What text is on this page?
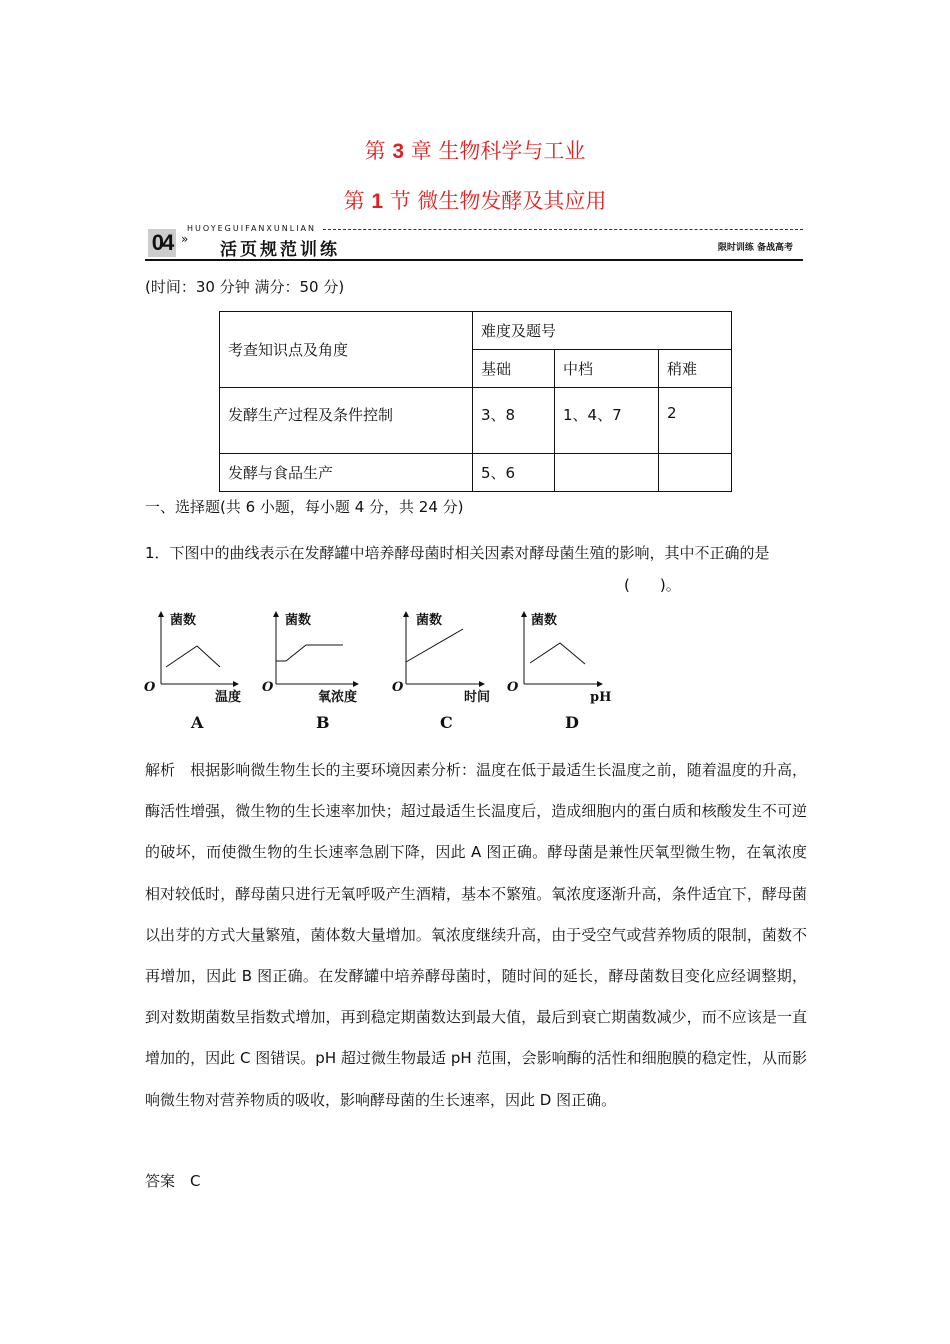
第 3 章 生物科学与工业
第 1 节 微生物发酵及其应用
04 »
HUOYEGUIFANXUNLIAN
活页规范训练	限时训练 备战高考
(时间：30 分钟 满分：50 分)
考查知识点及角度	难度及题号		
	基础	中档	稍难
发酵生产过程及条件控制	3、8	1、4、7	2
发酵与食品生产	5、6		
一、选择题(共 6 小题，每小题 4 分，共 24 分)
1．下图中的曲线表示在发酵罐中培养酵母菌时相关因素对酵母菌生殖的影响，其中不正确的是
(　　)。
菌数
O
温度
A
菌数
O
氧浓度
B
菌数
O
时间
C
菌数
O
pH
D
解析　根据影响微生物生长的主要环境因素分析：温度在低于最适生长温度之前，随着温度的升高，酶活性增强，微生物的生长速率加快；超过最适生长温度后，造成细胞内的蛋白质和核酸发生不可逆的破坏，而使微生物的生长速率急剧下降，因此 A 图正确。酵母菌是兼性厌氧型微生物，在氧浓度相对较低时，酵母菌只进行无氧呼吸产生酒精，基本不繁殖。氧浓度逐渐升高，条件适宜下，酵母菌以出芽的方式大量繁殖，菌体数大量增加。氧浓度继续升高，由于受空气或营养物质的限制，菌数不再增加，因此 B 图正确。在发酵罐中培养酵母菌时，随时间的延长，酵母菌数目变化应经调整期，到对数期菌数呈指数式增加，再到稳定期菌数达到最大值，最后到衰亡期菌数减少，而不应该是一直增加的，因此 C 图错误。pH 超过微生物最适 pH 范围，会影响酶的活性和细胞膜的稳定性，从而影响微生物对营养物质的吸收，影响酵母菌的生长速率，因此 D 图正确。
答案　C
